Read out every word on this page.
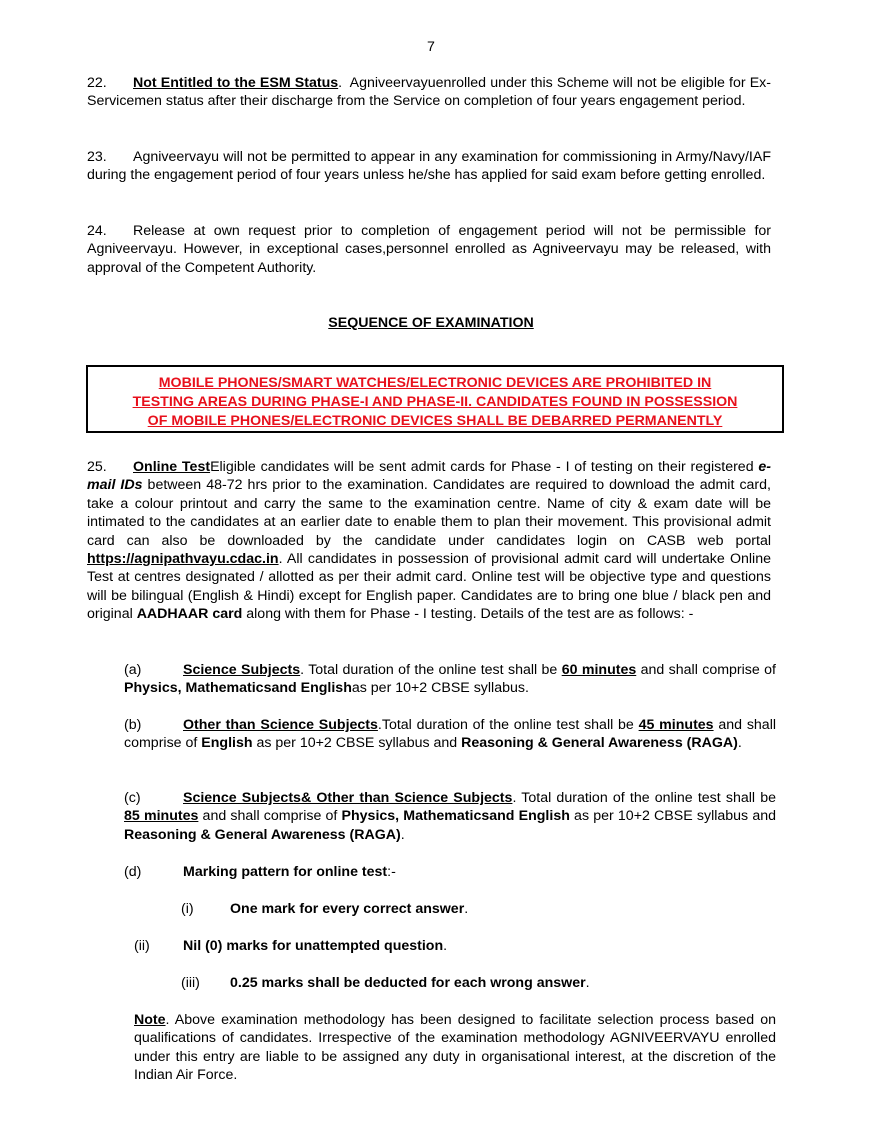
7
22. Not Entitled to the ESM Status. Agniveervayuenrolled under this Scheme will not be eligible for Ex-Servicemen status after their discharge from the Service on completion of four years engagement period.
23. Agniveervayu will not be permitted to appear in any examination for commissioning in Army/Navy/IAF during the engagement period of four years unless he/she has applied for said exam before getting enrolled.
24. Release at own request prior to completion of engagement period will not be permissible for Agniveervayu. However, in exceptional cases,personnel enrolled as Agniveervayu may be released, with approval of the Competent Authority.
SEQUENCE OF EXAMINATION
MOBILE PHONES/SMART WATCHES/ELECTRONIC DEVICES ARE PROHIBITED IN
TESTING AREAS DURING PHASE-I AND PHASE-II. CANDIDATES FOUND IN POSSESSION
OF MOBILE PHONES/ELECTRONIC DEVICES SHALL BE DEBARRED PERMANENTLY
25. Online TestEligible candidates will be sent admit cards for Phase - I of testing on their registered e-mail IDs between 48-72 hrs prior to the examination. Candidates are required to download the admit card, take a colour printout and carry the same to the examination centre. Name of city & exam date will be intimated to the candidates at an earlier date to enable them to plan their movement. This provisional admit card can also be downloaded by the candidate under candidates login on CASB web portal https://agnipathvayu.cdac.in. All candidates in possession of provisional admit card will undertake Online Test at centres designated / allotted as per their admit card. Online test will be objective type and questions will be bilingual (English & Hindi) except for English paper. Candidates are to bring one blue / black pen and original AADHAAR card along with them for Phase - I testing. Details of the test are as follows: -
(a)	Science Subjects. Total duration of the online test shall be 60 minutes and shall comprise of Physics, Mathematicsand Englishas per 10+2 CBSE syllabus.
(b)	Other than Science Subjects.Total duration of the online test shall be 45 minutes and shall comprise of English as per 10+2 CBSE syllabus and Reasoning & General Awareness (RAGA).
(c)	Science Subjects& Other than Science Subjects. Total duration of the online test shall be 85 minutes and shall comprise of Physics, Mathematicsand English as per 10+2 CBSE syllabus and Reasoning & General Awareness (RAGA).
(d)	Marking pattern for online test:-
(i)	One mark for every correct answer.
(ii) Nil (0) marks for unattempted question.
(iii) 0.25 marks shall be deducted for each wrong answer.
Note. Above examination methodology has been designed to facilitate selection process based on qualifications of candidates. Irrespective of the examination methodology AGNIVEERVAYU enrolled under this entry are liable to be assigned any duty in organisational interest, at the discretion of the Indian Air Force.
